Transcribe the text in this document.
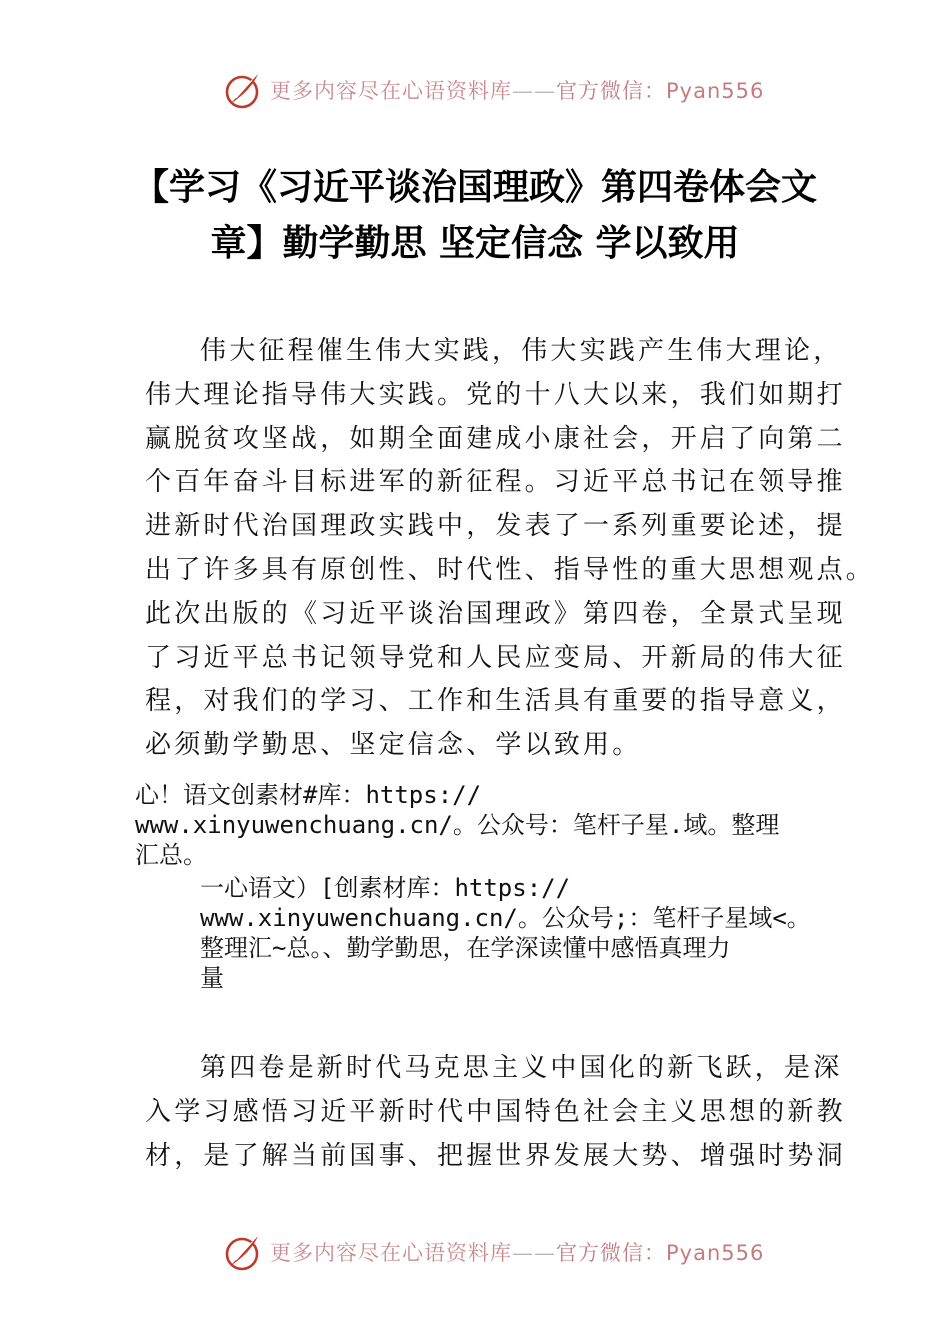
更多内容尽在心语资料库——官方微信：Pyan556
【学习《习近平谈治国理政》第四卷体会文
章】勤学勤思 坚定信念 学以致用
伟大征程催生伟大实践，伟大实践产生伟大理论，
伟大理论指导伟大实践。党的十八大以来，我们如期打
赢脱贫攻坚战，如期全面建成小康社会，开启了向第二
个百年奋斗目标进军的新征程。习近平总书记在领导推
进新时代治国理政实践中，发表了一系列重要论述，提
出了许多具有原创性、时代性、指导性的重大思想观点。
此次出版的《习近平谈治国理政》第四卷，全景式呈现
了习近平总书记领导党和人民应变局、开新局的伟大征
程，对我们的学习、工作和生活具有重要的指导意义，
必须勤学勤思、坚定信念、学以致用。
心！语文创素材#库：https://
www.xinyuwenchuang.cn/。公众号：笔杆子星.域。整理
汇总。
一心语文）[创素材库：https://
www.xinyuwenchuang.cn/。公众号;：笔杆子星域<。
整理汇~总。、勤学勤思，在学深读懂中感悟真理力
量
第四卷是新时代马克思主义中国化的新飞跃，是深
入学习感悟习近平新时代中国特色社会主义思想的新教
材，是了解当前国事、把握世界发展大势、增强时势洞
更多内容尽在心语资料库——官方微信：Pyan556
